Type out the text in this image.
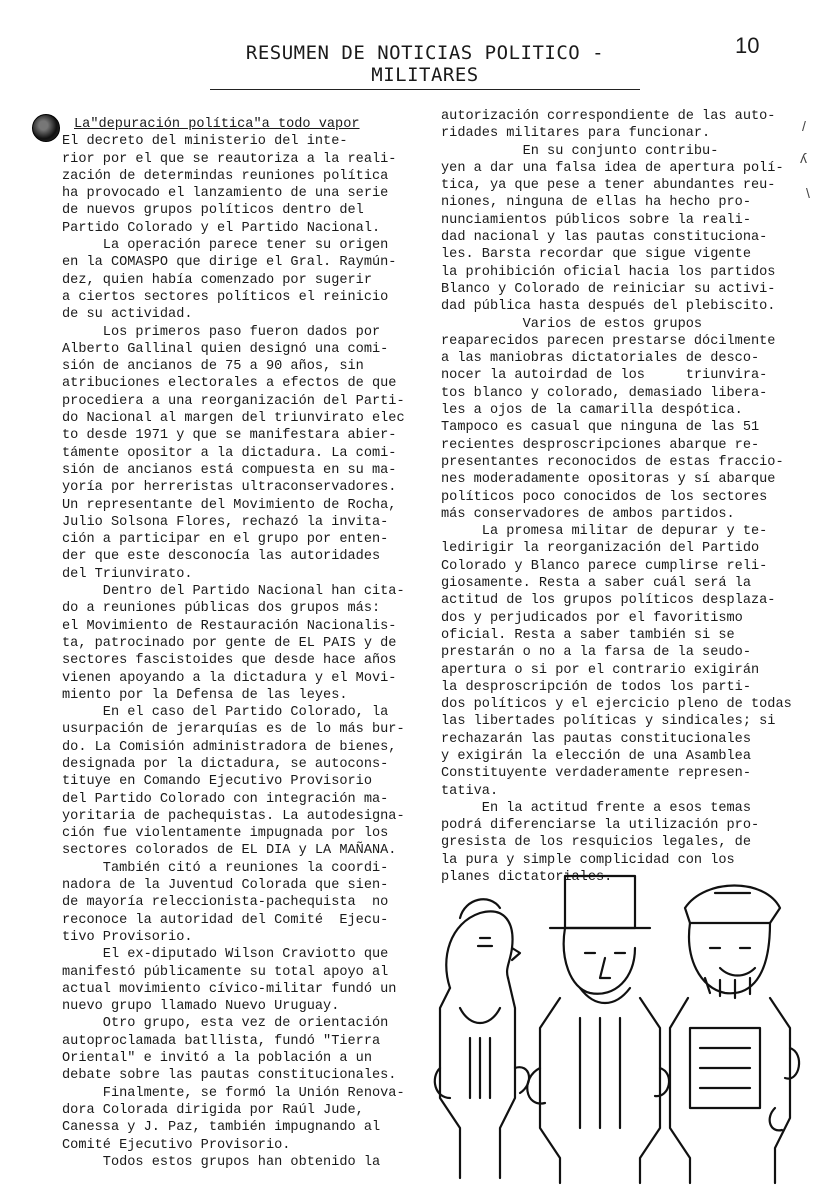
RESUMEN DE NOTICIAS POLITICO - MILITARES
10
/
ʎ
\

La"depuración política"a todo vapor

El decreto del ministerio del inte-

rior por el que se reautoriza a la reali-

zación de determindas reuniones política

ha provocado el lanzamiento de una serie

de nuevos grupos políticos dentro del

Partido Colorado y el Partido Nacional.

La operación parece tener su origen

en la COMASPO que dirige el Gral. Raymún-

dez, quien había comenzado por sugerir

a ciertos sectores políticos el reinicio

de su actividad.

Los primeros paso fueron dados por

Alberto Gallinal quien designó una comi-

sión de ancianos de 75 a 90 años, sin

atribuciones electorales a efectos de que

procediera a una reorganización del Parti-

do Nacional al margen del triunvirato elec

to desde 1971 y que se manifestara abier-

támente opositor a la dictadura. La comi-

sión de ancianos está compuesta en su ma-

yoría por herreristas ultraconservadores.

Un representante del Movimiento de Rocha,

Julio Solsona Flores, rechazó la invita-

ción a participar en el grupo por enten-

der que este desconocía las autoridades

del Triunvirato.

Dentro del Partido Nacional han cita-

do a reuniones públicas dos grupos más:

el Movimiento de Restauración Nacionalis-

ta, patrocinado por gente de EL PAIS y de

sectores fascistoides que desde hace años

vienen apoyando a la dictadura y el Movi-

miento por la Defensa de las leyes.

En el caso del Partido Colorado, la

usurpación de jerarquías es de lo más bur-

do. La Comisión administradora de bienes,

designada por la dictadura, se autocons-

tituye en Comando Ejecutivo Provisorio

del Partido Colorado con integración ma-

yoritaria de pachequistas. La autodesigna-

ción fue violentamente impugnada por los

sectores colorados de EL DIA y LA MAÑANA.

También citó a reuniones la coordi-

nadora de la Juventud Colorada que sien-

de mayoría releccionista-pachequista  no

reconoce la autoridad del Comité  Ejecu-

tivo Provisorio.

El ex-diputado Wilson Craviotto que

manifestó públicamente su total apoyo al

actual movimiento cívico-militar fundó un

nuevo grupo llamado Nuevo Uruguay.

Otro grupo, esta vez de orientación

autoproclamada batllista, fundó "Tierra

Oriental" e invitó a la población a un

debate sobre las pautas constitucionales.

Finalmente, se formó la Unión Renova-

dora Colorada dirigida por Raúl Jude,

Canessa y J. Paz, también impugnando al

Comité Ejecutivo Provisorio.

Todos estos grupos han obtenido la

autorización correspondiente de las auto-

ridades militares para funcionar.

En su conjunto contribu-

yen a dar una falsa idea de apertura polí-

tica, ya que pese a tener abundantes reu-

niones, ninguna de ellas ha hecho pro-

nunciamientos públicos sobre la reali-

dad nacional y las pautas constituciona-

les. Barsta recordar que sigue vigente

la prohibición oficial hacia los partidos

Blanco y Colorado de reiniciar su activi-

dad pública hasta después del plebiscito.

Varios de estos grupos

reaparecidos parecen prestarse dócilmente

a las maniobras dictatoriales de desco-

nocer la autoirdad de los     triunvira-

tos blanco y colorado, demasiado libera-

les a ojos de la camarilla despótica.

Tampoco es casual que ninguna de las 51

recientes desproscripciones abarque re-

presentantes reconocidos de estas fraccio-

nes moderadamente opositoras y sí abarque

políticos poco conocidos de los sectores

más conservadores de ambos partidos.

La promesa militar de depurar y te-

ledirigir la reorganización del Partido

Colorado y Blanco parece cumplirse reli-

giosamente. Resta a saber cuál será la

actitud de los grupos políticos desplaza-

dos y perjudicados por el favoritismo

oficial. Resta a saber también si se

prestarán o no a la farsa de la seudo-

apertura o si por el contrario exigirán

la desproscripción de todos los parti-

dos políticos y el ejercicio pleno de todas

las libertades políticas y sindicales; si

rechazarán las pautas constitucionales

y exigirán la elección de una Asamblea

Constituyente verdaderamente represen-

tativa.

En la actitud frente a esos temas

podrá diferenciarse la utilización pro-

gresista de los resquicios legales, de

la pura y simple complicidad con los

planes dictatoriales.
